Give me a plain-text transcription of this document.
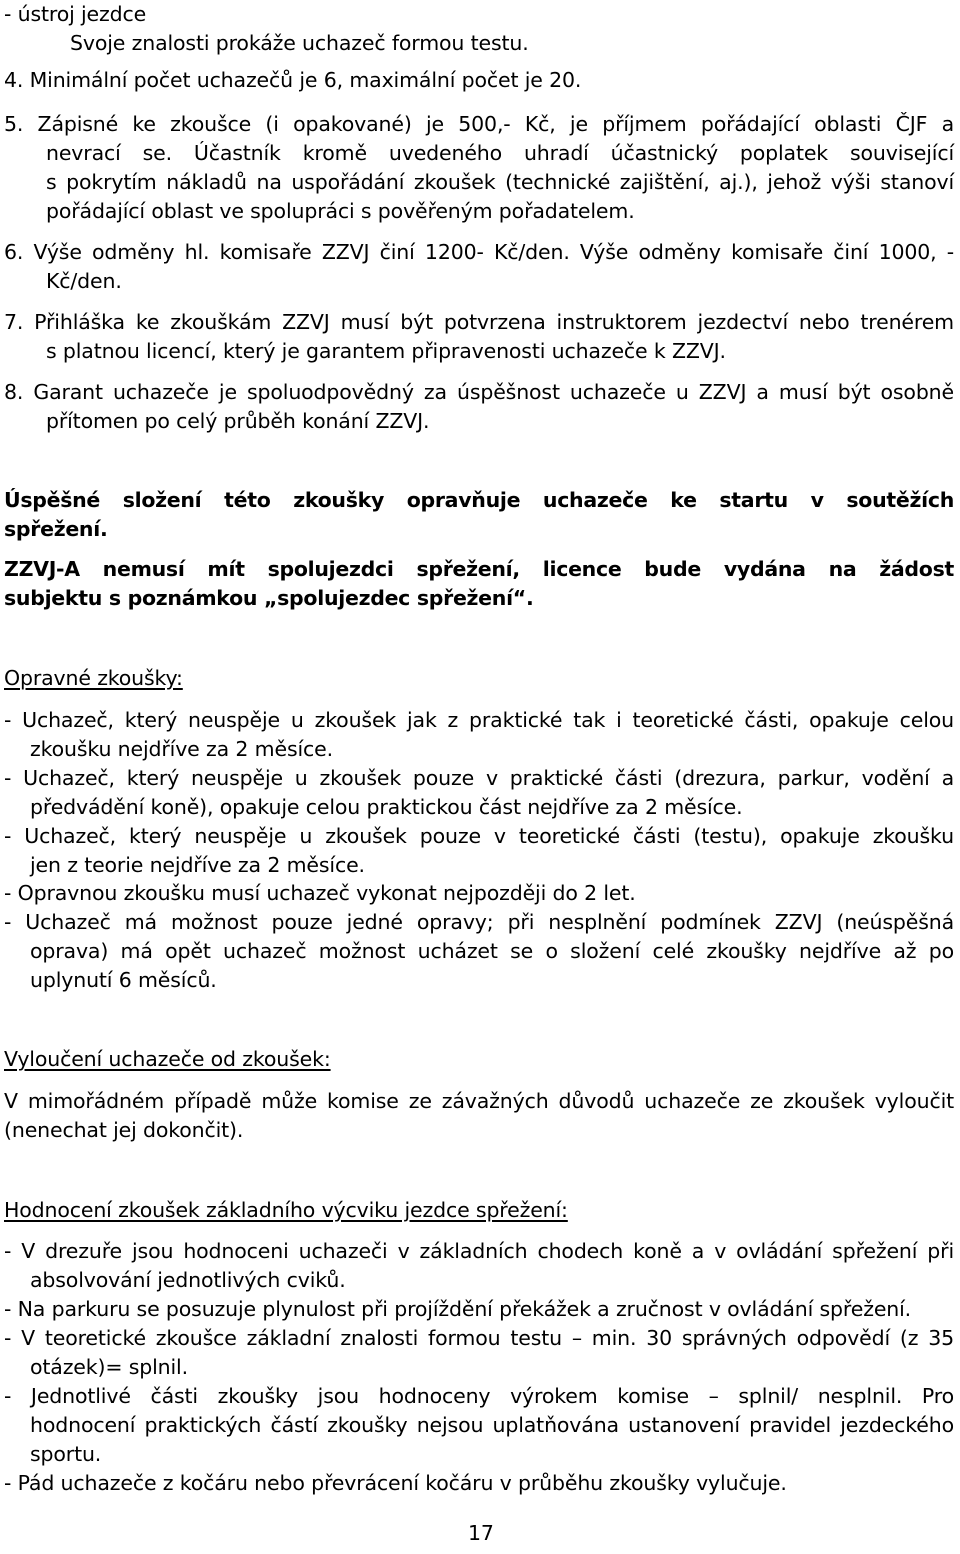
- ústroj jezdce
Svoje znalosti prokáže uchazeč formou testu.
4. Minimální počet uchazečů je 6, maximální počet je 20.
5. Zápisné ke zkoušce (i opakované) je 500,- Kč, je příjmem pořádající oblasti ČJF a
nevrací se. Účastník kromě uvedeného uhradí účastnický poplatek související
s pokrytím nákladů na uspořádání zkoušek (technické zajištění, aj.), jehož výši stanoví
pořádající oblast ve spolupráci s pověřeným pořadatelem.
6. Výše odměny hl. komisaře ZZVJ činí 1200- Kč/den. Výše odměny komisaře činí 1000, -
Kč/den.
7. Přihláška ke zkouškám ZZVJ musí být potvrzena instruktorem jezdectví nebo trenérem
s platnou licencí, který je garantem připravenosti uchazeče k ZZVJ.
8. Garant uchazeče je spoluodpovědný za úspěšnost uchazeče u ZZVJ a musí být osobně
přítomen po celý průběh konání ZZVJ.
Úspěšné složení této zkoušky opravňuje uchazeče ke startu v soutěžích
spřežení.
ZZVJ-A nemusí mít spolujezdci spřežení, licence bude vydána na žádost
subjektu s poznámkou „spolujezdec spřežení“.
Opravné zkoušky:
- Uchazeč, který neuspěje u zkoušek jak z praktické tak i teoretické části, opakuje celou
zkoušku nejdříve za 2 měsíce.
- Uchazeč, který neuspěje u zkoušek pouze v praktické části (drezura, parkur, vodění a
předvádění koně), opakuje celou praktickou část nejdříve za 2 měsíce.
- Uchazeč, který neuspěje u zkoušek pouze v teoretické části (testu), opakuje zkoušku
jen z teorie nejdříve za 2 měsíce.
- Opravnou zkoušku musí uchazeč vykonat nejpozději do 2 let.
- Uchazeč má možnost pouze jedné opravy; při nesplnění podmínek ZZVJ (neúspěšná
oprava) má opět uchazeč možnost ucházet se o složení celé zkoušky nejdříve až po
uplynutí 6 měsíců.
Vyloučení uchazeče od zkoušek:
V mimořádném případě může komise ze závažných důvodů uchazeče ze zkoušek vyloučit
(nenechat jej dokončit).
Hodnocení zkoušek základního výcviku jezdce spřežení:
- V drezuře jsou hodnoceni uchazeči v základních chodech koně a v ovládání spřežení při
absolvování jednotlivých cviků.
- Na parkuru se posuzuje plynulost při projíždění překážek a zručnost v ovládání spřežení.
- V teoretické zkoušce základní znalosti formou testu – min. 30 správných odpovědí (z 35
otázek)= splnil.
- Jednotlivé části zkoušky jsou hodnoceny výrokem komise – splnil/ nesplnil. Pro
hodnocení praktických částí zkoušky nejsou uplatňována ustanovení pravidel jezdeckého
sportu.
- Pád uchazeče z kočáru nebo převrácení kočáru v průběhu zkoušky vylučuje.
17
